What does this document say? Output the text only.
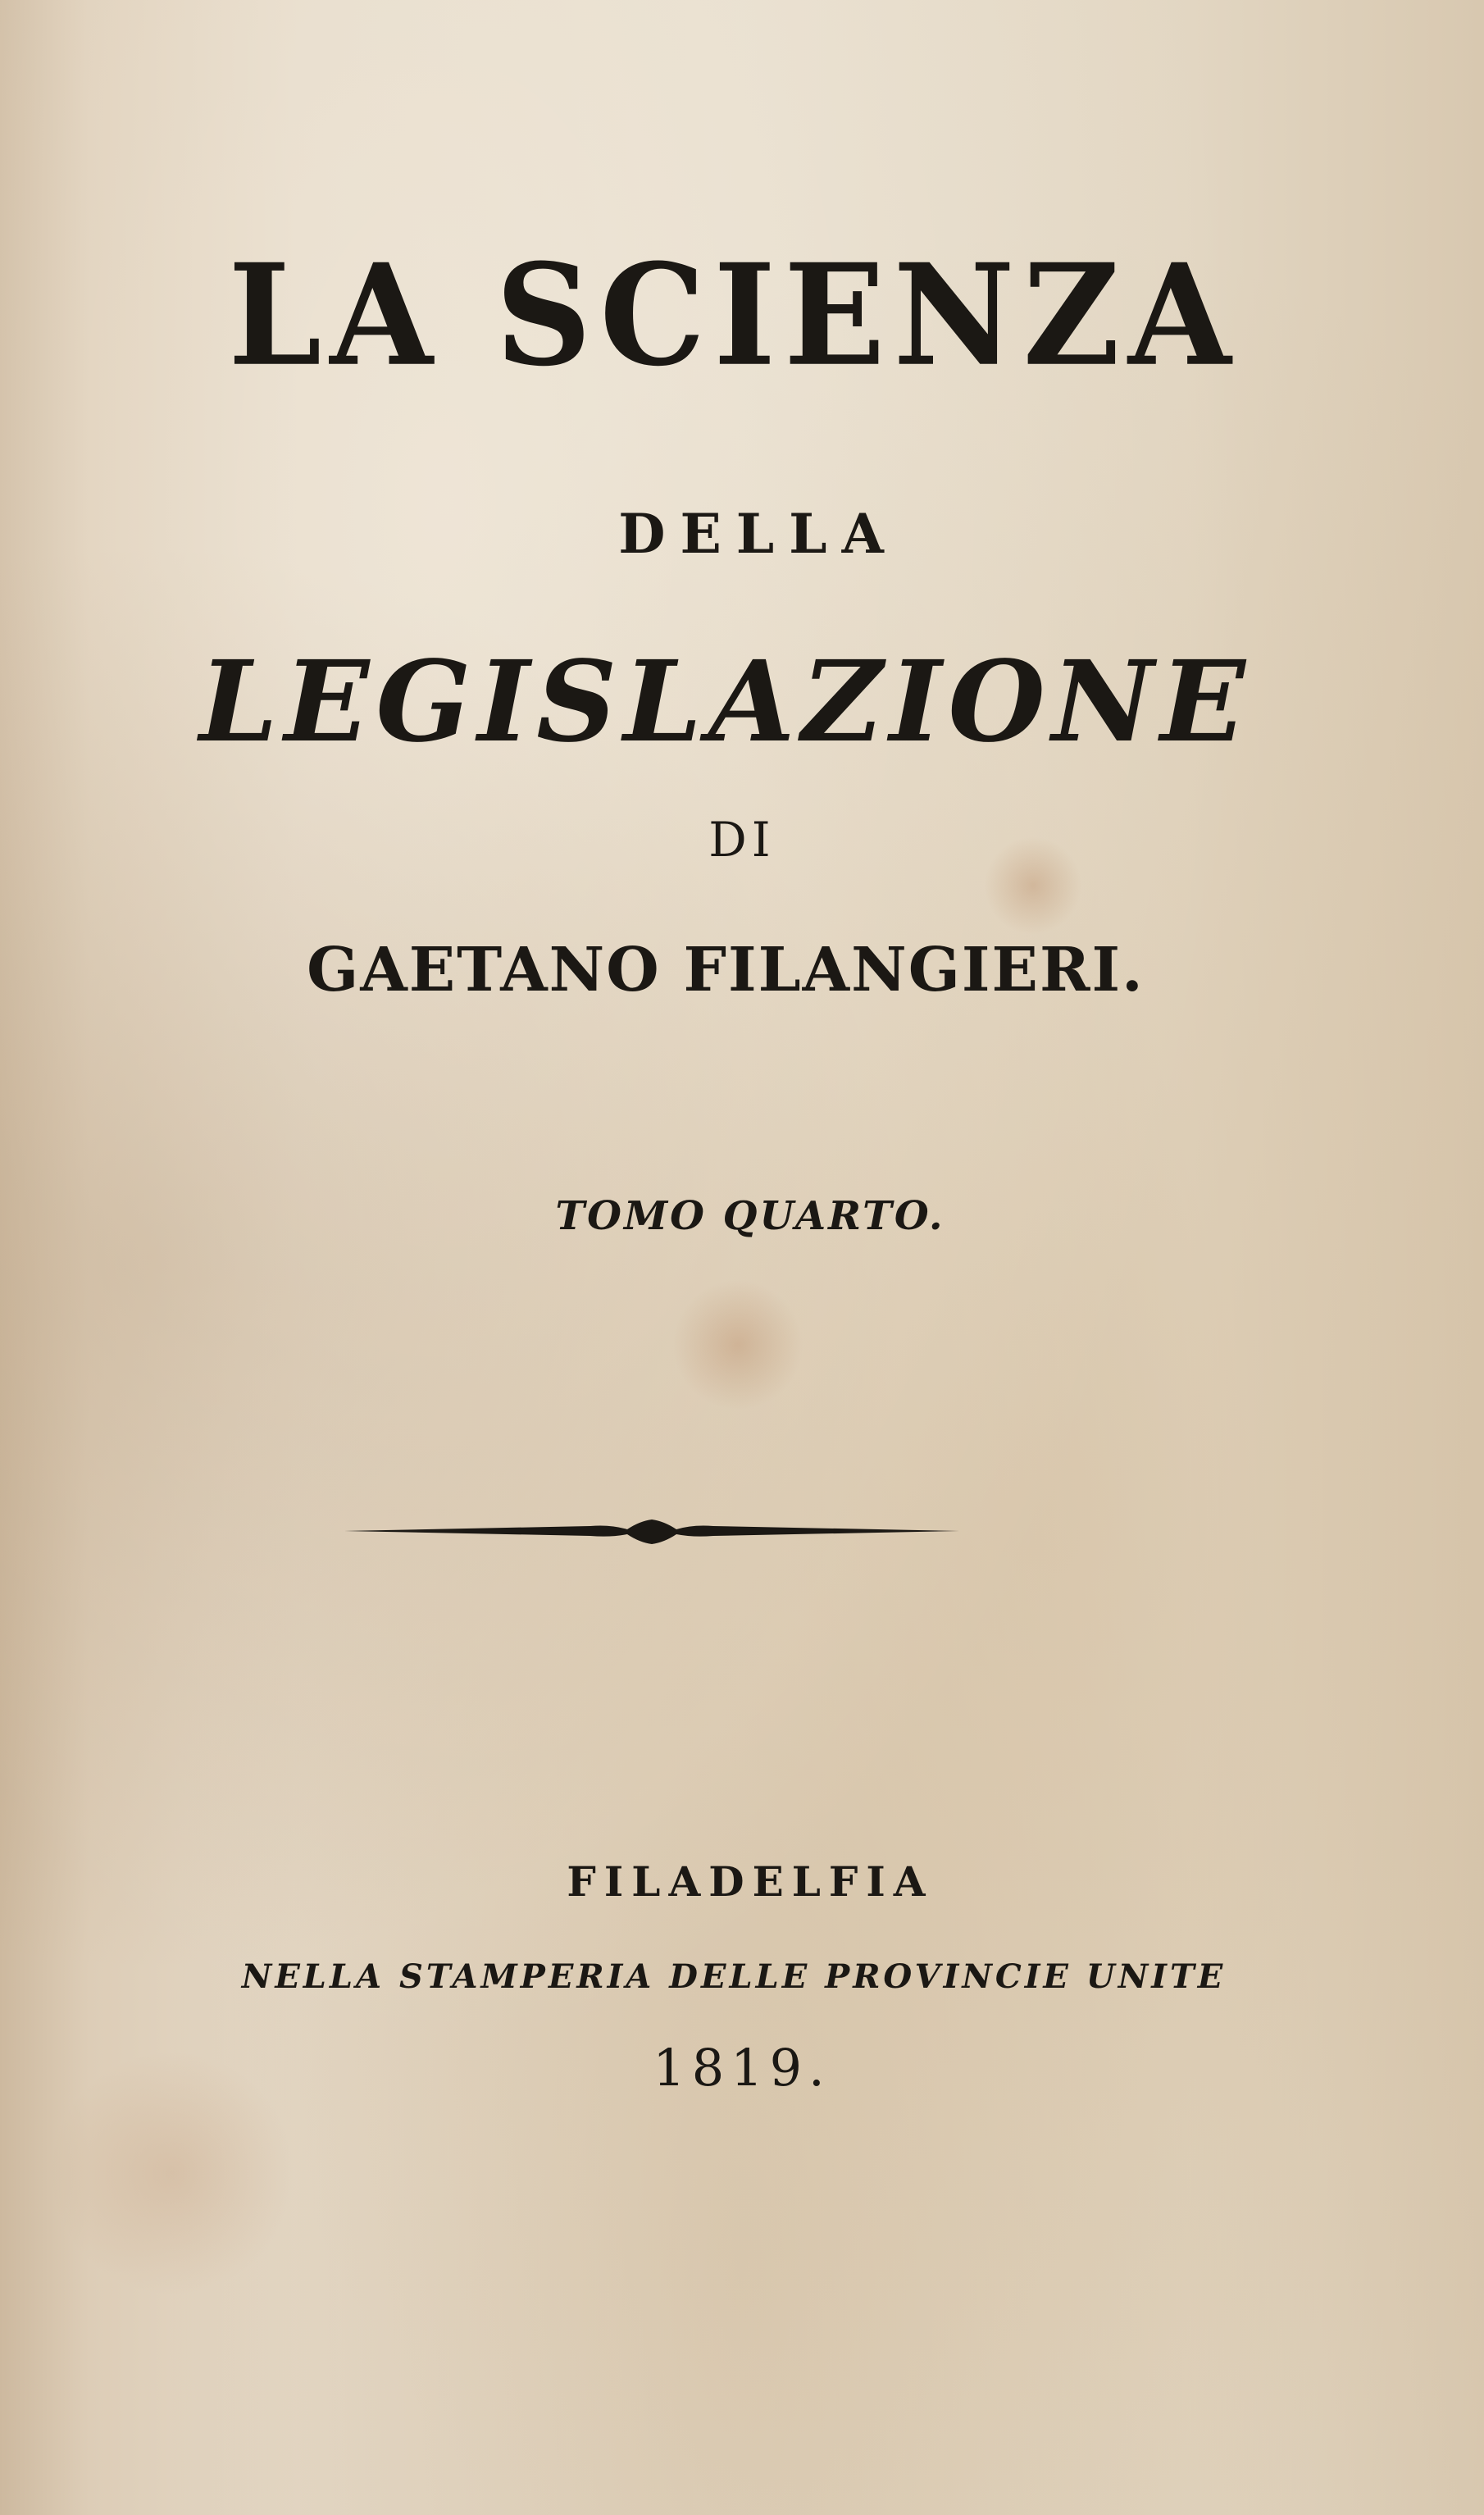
LA SCIENZA
DELLA
LEGISLAZIONE
DI
GAETANO FILANGIERI.
TOMO QUARTO.
FILADELFIA
NELLA STAMPERIA DELLE PROVINCIE UNITE
1819.
